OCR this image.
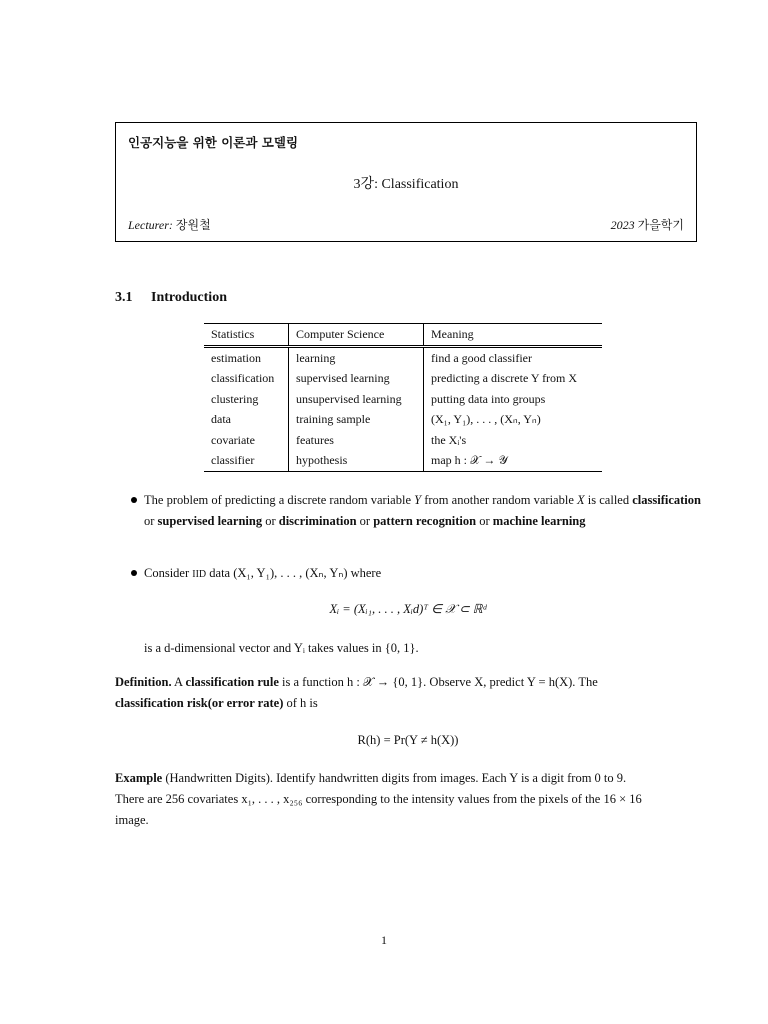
인공지능을 위한 이론과 모델링
3강: Classification
Lecturer: 장원철	2023 가을학기
3.1 Introduction
Statistics	Computer Science	Meaning
estimation	learning	find a good classifier
classification	supervised learning	predicting a discrete Y from X
clustering	unsupervised learning	putting data into groups
data	training sample	(X₁, Y₁), . . . , (Xₙ, Yₙ)
covariate	features	the Xᵢ's
classifier	hypothesis	map h : 𝒳 → 𝒴
The problem of predicting a discrete random variable Y from another random variable X is called classification or supervised learning or discrimination or pattern recognition or machine learning
Consider IID data (X₁, Y₁), . . . , (Xₙ, Yₙ) where
Xᵢ = (Xᵢ₁, . . . , Xᵢd)ᵀ ∈ 𝒳 ⊂ ℝᵈ
is a d-dimensional vector and Yᵢ takes values in {0, 1}.
Definition. A classification rule is a function h : 𝒳 → {0, 1}. Observe X, predict Y = h(X). The
classification risk(or error rate) of h is
R(h) = Pr(Y ≠ h(X))
Example (Handwritten Digits). Identify handwritten digits from images. Each Y is a digit from 0 to 9.
There are 256 covariates x₁, . . . , x₂₅₆ corresponding to the intensity values from the pixels of the 16 × 16
image.
1
